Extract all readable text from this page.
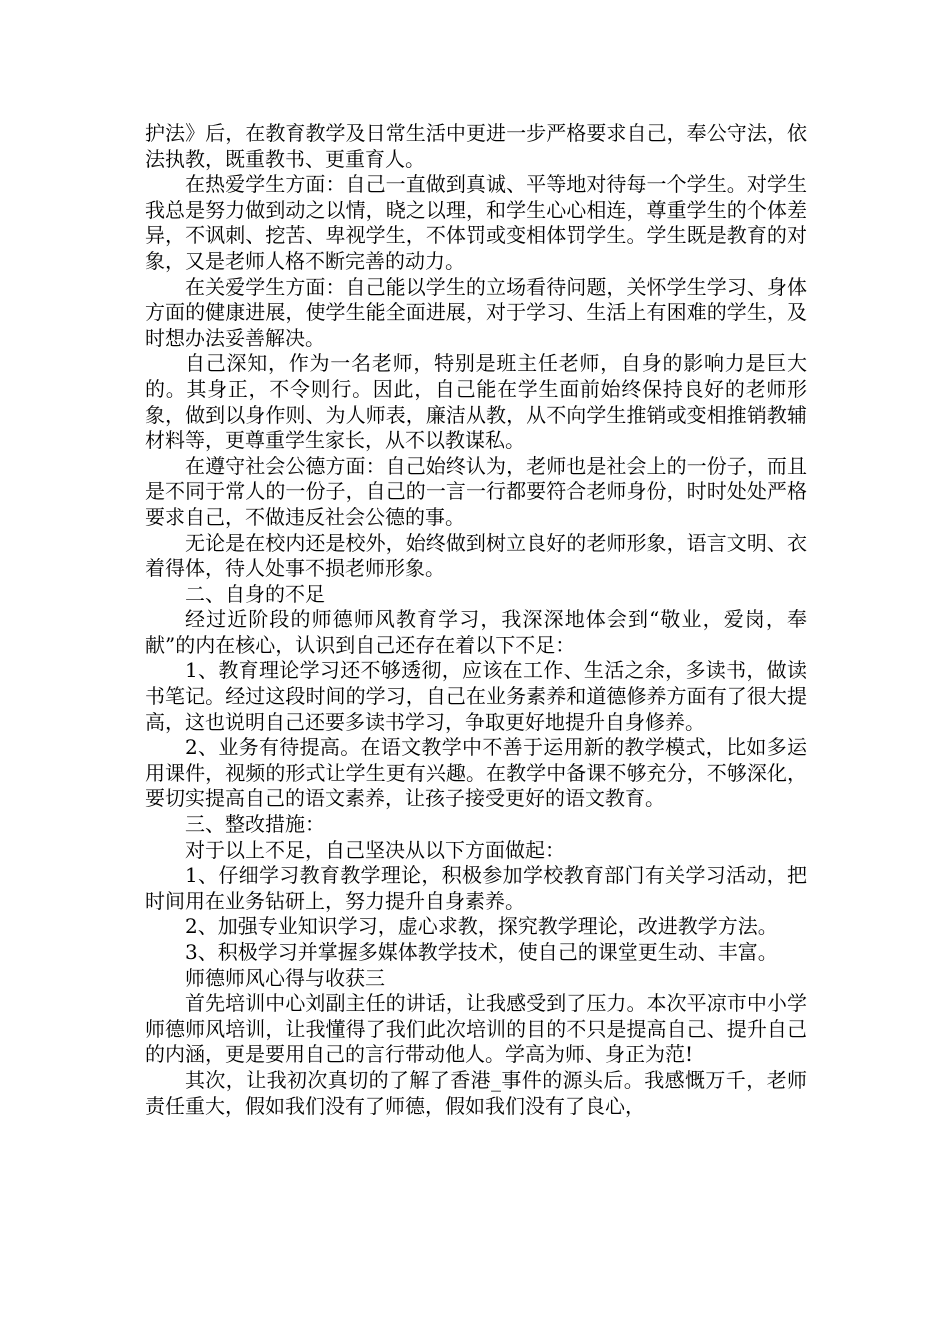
护法》后，在教育教学及日常生活中更进一步严格要求自己，奉公守法，依法执教，既重教书、更重育人。

在热爱学生方面：自己一直做到真诚、平等地对待每一个学生。对学生我总是努力做到动之以情，晓之以理，和学生心心相连，尊重学生的个体差异，不讽刺、挖苦、卑视学生，不体罚或变相体罚学生。学生既是教育的对象，又是老师人格不断完善的动力。

在关爱学生方面：自己能以学生的立场看待问题，关怀学生学习、身体方面的健康进展，使学生能全面进展，对于学习、生活上有困难的学生，及时想办法妥善解决。

自己深知，作为一名老师，特别是班主任老师，自身的影响力是巨大的。其身正，不令则行。因此，自己能在学生面前始终保持良好的老师形象，做到以身作则、为人师表，廉洁从教，从不向学生推销或变相推销教辅材料等，更尊重学生家长，从不以教谋私。

在遵守社会公德方面：自己始终认为，老师也是社会上的一份子，而且是不同于常人的一份子，自己的一言一行都要符合老师身份，时时处处严格要求自己，不做违反社会公德的事。

无论是在校内还是校外，始终做到树立良好的老师形象，语言文明、衣着得体，待人处事不损老师形象。

二、自身的不足

经过近阶段的师德师风教育学习，我深深地体会到“敬业，爱岗，奉献”的内在核心，认识到自己还存在着以下不足：

1、教育理论学习还不够透彻，应该在工作、生活之余，多读书，做读书笔记。经过这段时间的学习，自己在业务素养和道德修养方面有了很大提高，这也说明自己还要多读书学习，争取更好地提升自身修养。

2、业务有待提高。在语文教学中不善于运用新的教学模式，比如多运用课件，视频的形式让学生更有兴趣。在教学中备课不够充分，不够深化，要切实提高自己的语文素养，让孩子接受更好的语文教育。

三、整改措施：

对于以上不足，自己坚决从以下方面做起：

1、仔细学习教育教学理论，积极参加学校教育部门有关学习活动，把时间用在业务钻研上，努力提升自身素养。

2、加强专业知识学习，虚心求教，探究教学理论，改进教学方法。

3、积极学习并掌握多媒体教学技术，使自己的课堂更生动、丰富。

师德师风心得与收获三

首先培训中心刘副主任的讲话，让我感受到了压力。本次平凉市中小学师德师风培训，让我懂得了我们此次培训的目的不只是提高自己、提升自己的内涵，更是要用自己的言行带动他人。学高为师、身正为范!

其次，让我初次真切的了解了香港_事件的源头后。我感慨万千，老师责任重大，假如我们没有了师德，假如我们没有了良心，
